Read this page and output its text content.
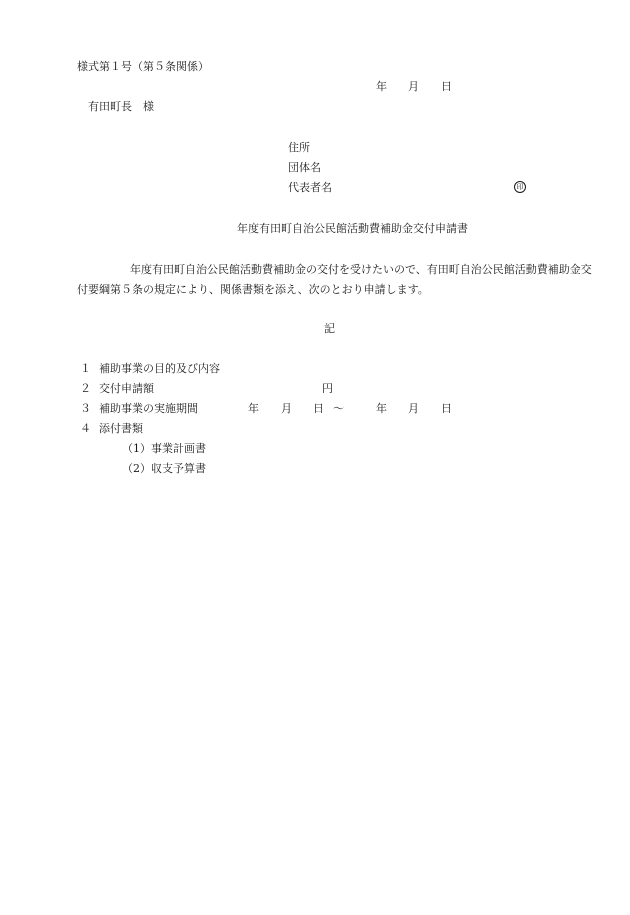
様式第１号（第５条関係）
年 月 日
有田町長　様
住所
団体名
代表者名	印
年度有田町自治公民館活動費補助金交付申請書
年度有田町自治公民館活動費補助金の交付を受けたいので、有田町自治公民館活動費補助金交
付要綱第５条の規定により、関係書類を添え、次のとおり申請します。
記
１ 補助事業の目的及び内容
２ 交付申請額	円
３ 補助事業の実施期間	年 月 日 ～	年 月 日
４ 添付書類
（1）事業計画書
（2）収支予算書
